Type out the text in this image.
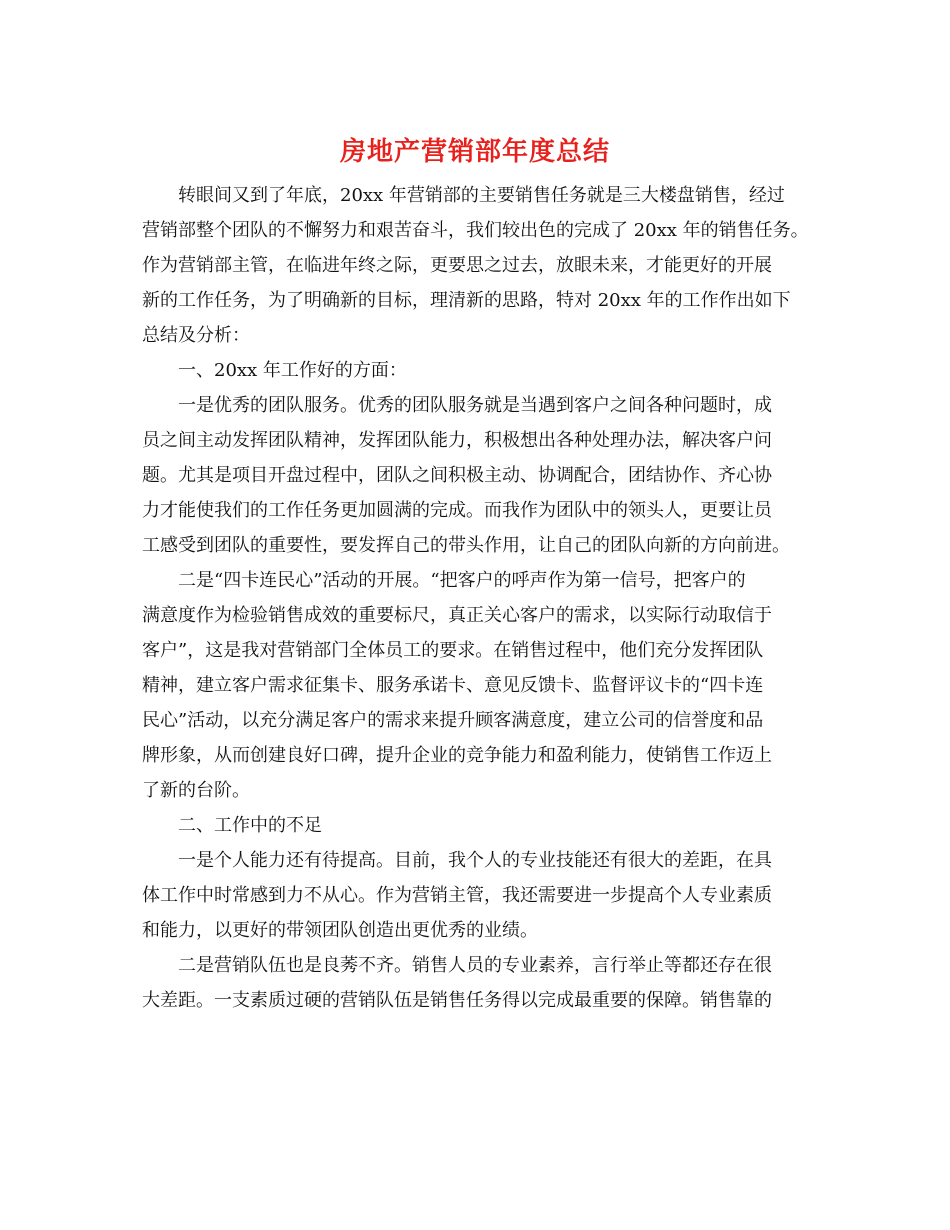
房地产营销部年度总结

转眼间又到了年底，20xx 年营销部的主要销售任务就是三大楼盘销售，经过

营销部整个团队的不懈努力和艰苦奋斗，我们较出色的完成了 20xx 年的销售任务。

作为营销部主管，在临进年终之际，更要思之过去，放眼未来，才能更好的开展

新的工作任务，为了明确新的目标，理清新的思路，特对 20xx 年的工作作出如下

总结及分析：

一、20xx 年工作好的方面：

一是优秀的团队服务。优秀的团队服务就是当遇到客户之间各种问题时，成

员之间主动发挥团队精神，发挥团队能力，积极想出各种处理办法，解决客户问

题。尤其是项目开盘过程中，团队之间积极主动、协调配合，团结协作、齐心协

力才能使我们的工作任务更加圆满的完成。而我作为团队中的领头人，更要让员

工感受到团队的重要性，要发挥自己的带头作用，让自己的团队向新的方向前进。

二是“四卡连民心”活动的开展。“把客户的呼声作为第一信号，把客户的

满意度作为检验销售成效的重要标尺，真正关心客户的需求，以实际行动取信于

客户”，这是我对营销部门全体员工的要求。在销售过程中，他们充分发挥团队

精神，建立客户需求征集卡、服务承诺卡、意见反馈卡、监督评议卡的“四卡连

民心”活动，以充分满足客户的需求来提升顾客满意度，建立公司的信誉度和品

牌形象，从而创建良好口碑，提升企业的竞争能力和盈利能力，使销售工作迈上

了新的台阶。

二、工作中的不足

一是个人能力还有待提高。目前，我个人的专业技能还有很大的差距，在具

体工作中时常感到力不从心。作为营销主管，我还需要进一步提高个人专业素质

和能力，以更好的带领团队创造出更优秀的业绩。

二是营销队伍也是良莠不齐。销售人员的专业素养，言行举止等都还存在很

大差距。一支素质过硬的营销队伍是销售任务得以完成最重要的保障。销售靠的
